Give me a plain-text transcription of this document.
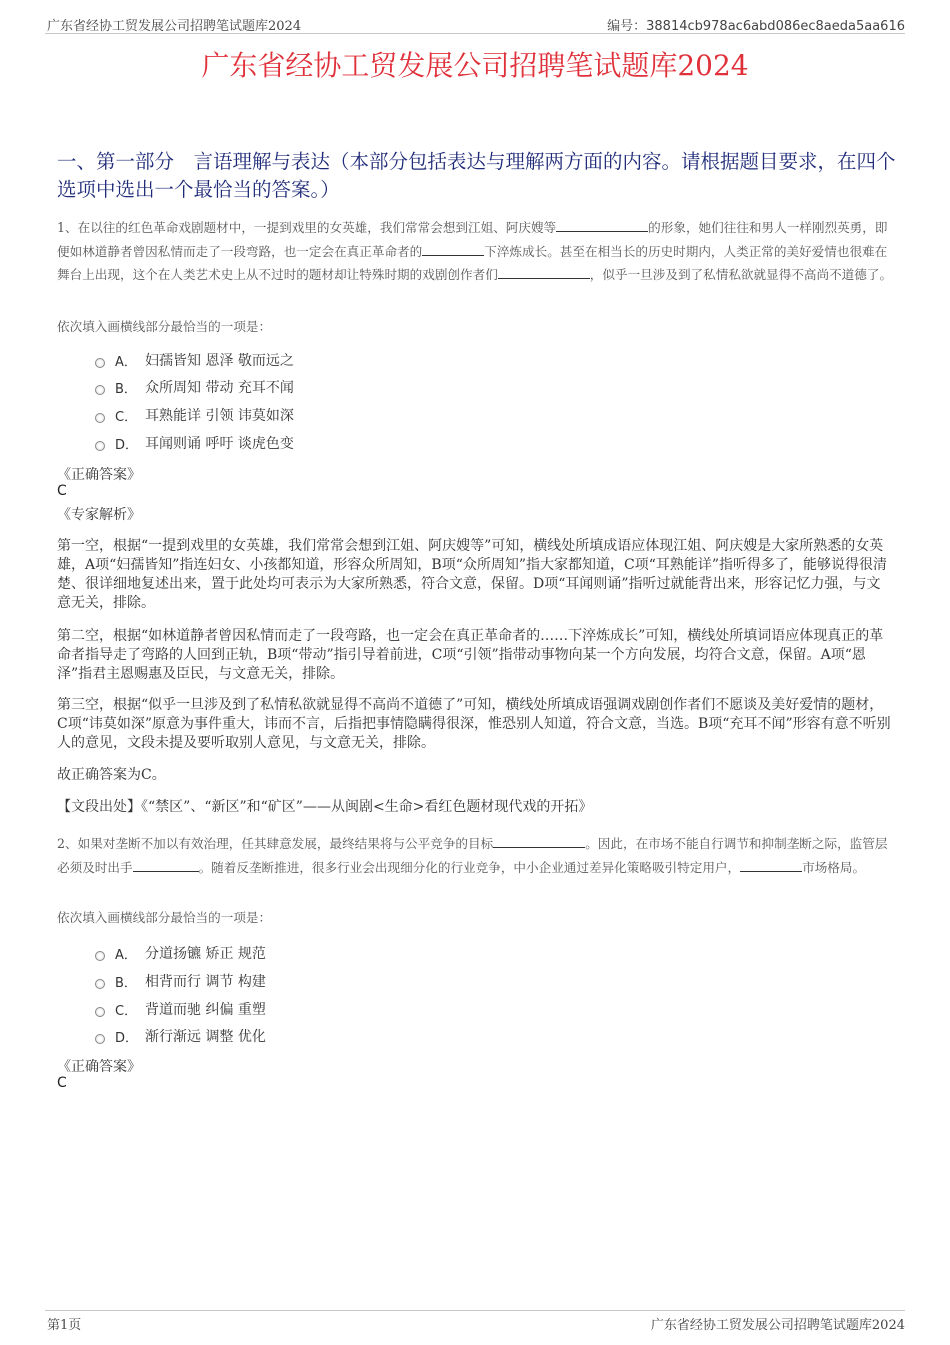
广东省经协工贸发展公司招聘笔试题库2024	编号：38814cb978ac6abd086ec8aeda5aa616
广东省经协工贸发展公司招聘笔试题库2024
一、第一部分　言语理解与表达（本部分包括表达与理解两方面的内容。请根据题目要求，在四个选项中选出一个最恰当的答案。）
1、在以往的红色革命戏剧题材中，一提到戏里的女英雄，我们常常会想到江姐、阿庆嫂等	的形象，她们往往和男人一样刚烈英勇，即便如林道静者曾因私情而走了一段弯路，也一定会在真正革命者的	下淬炼成长。甚至在相当长的历史时期内，人类正常的美好爱情也很难在舞台上出现，这个在人类艺术史上从不过时的题材却让特殊时期的戏剧创作者们	，似乎一旦涉及到了私情私欲就显得不高尚不道德了。
依次填入画横线部分最恰当的一项是：
A． 妇孺皆知 恩泽 敬而远之
B． 众所周知 带动 充耳不闻
C． 耳熟能详 引领 讳莫如深
D． 耳闻则诵 呼吁 谈虎色变
《正确答案》
C
《专家解析》
第一空，根据“一提到戏里的女英雄，我们常常会想到江姐、阿庆嫂等”可知，横线处所填成语应体现江姐、阿庆嫂是大家所熟悉的女英雄，A项“妇孺皆知”指连妇女、小孩都知道，形容众所周知，B项“众所周知”指大家都知道，C项“耳熟能详”指听得多了，能够说得很清楚、很详细地复述出来，置于此处均可表示为大家所熟悉，符合文意，保留。D项“耳闻则诵”指听过就能背出来，形容记忆力强，与文意无关，排除。
第二空，根据“如林道静者曾因私情而走了一段弯路，也一定会在真正革命者的……下淬炼成长”可知，横线处所填词语应体现真正的革命者指导走了弯路的人回到正轨，B项“带动”指引导着前进，C项“引领”指带动事物向某一个方向发展，均符合文意，保留。A项“恩泽”指君主恩赐惠及臣民，与文意无关，排除。
第三空，根据“似乎一旦涉及到了私情私欲就显得不高尚不道德了”可知，横线处所填成语强调戏剧创作者们不愿谈及美好爱情的题材，C项“讳莫如深”原意为事件重大，讳而不言，后指把事情隐瞒得很深，惟恐别人知道，符合文意，当选。B项“充耳不闻”形容有意不听别人的意见，文段未提及要听取别人意见，与文意无关，排除。
故正确答案为C。
【文段出处】《“禁区”、“新区”和“矿区”——从闽剧<生命>看红色题材现代戏的开拓》
2、如果对垄断不加以有效治理，任其肆意发展，最终结果将与公平竞争的目标	。因此，在市场不能自行调节和抑制垄断之际，监管层必须及时出手	。随着反垄断推进，很多行业会出现细分化的行业竞争，中小企业通过差异化策略吸引特定用户，	市场格局。
依次填入画横线部分最恰当的一项是：
A． 分道扬镳 矫正 规范
B． 相背而行 调节 构建
C． 背道而驰 纠偏 重塑
D． 渐行渐远 调整 优化
《正确答案》
C
第1页	广东省经协工贸发展公司招聘笔试题库2024
